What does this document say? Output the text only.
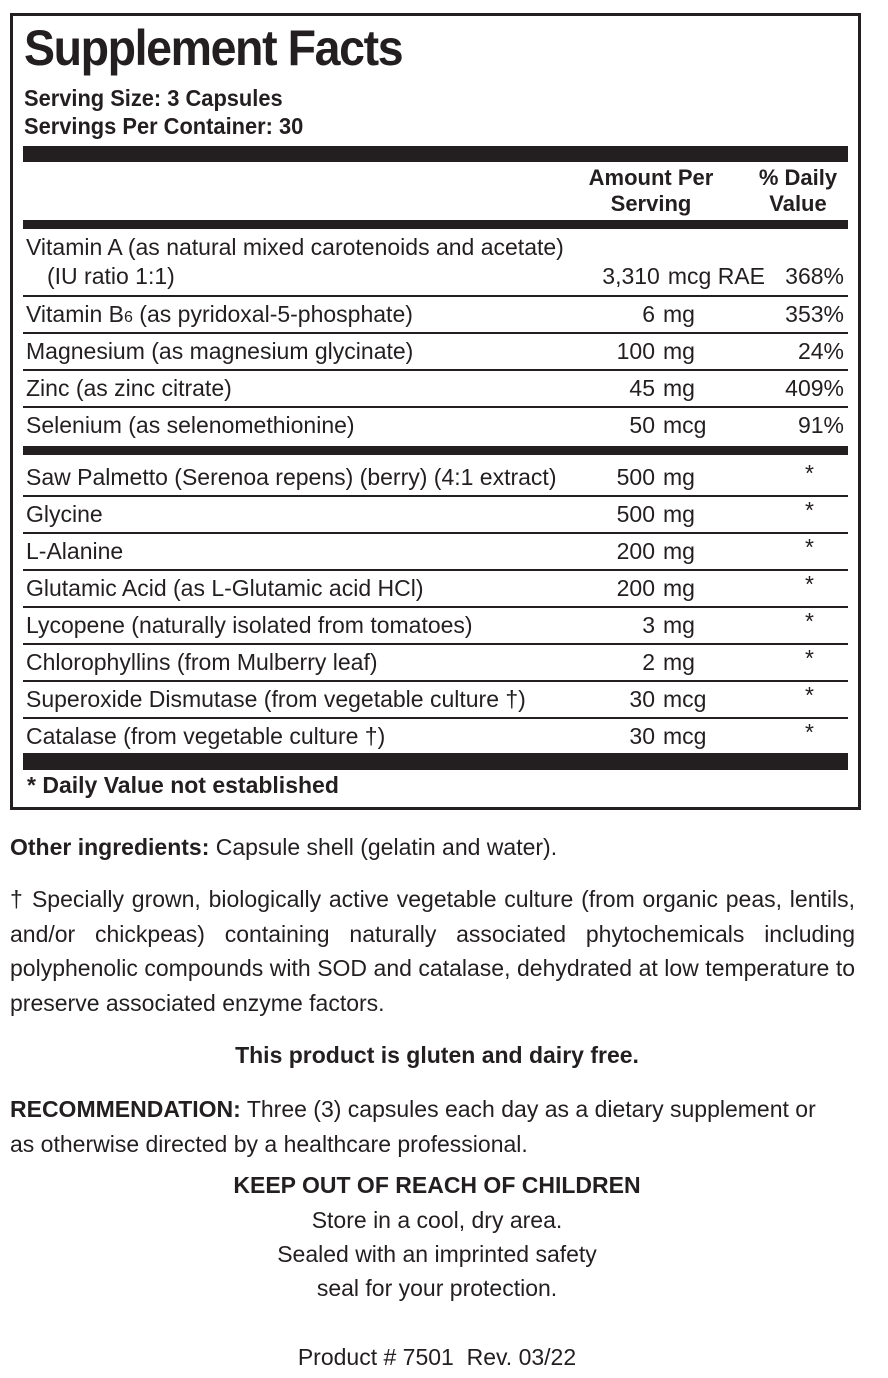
Supplement Facts
Serving Size: 3 Capsules
Servings Per Container: 30
Amount Per
Serving
% Daily
Value
Vitamin A (as natural mixed carotenoids and acetate)
(IU ratio 1:1)	3,310 mcg RAE 368%
Vitamin B6 (as pyridoxal-5-phosphate)	6 mg	353%
Magnesium (as magnesium glycinate)	100 mg	24%
Zinc (as zinc citrate)	45 mg	409%
Selenium (as selenomethionine)	50 mcg	91%
Saw Palmetto (Serenoa repens) (berry) (4:1 extract)	500 mg	*
Glycine	500 mg	*
L-Alanine	200 mg	*
Glutamic Acid (as L-Glutamic acid HCl)	200 mg	*
Lycopene (naturally isolated from tomatoes)	3 mg	*
Chlorophyllins (from Mulberry leaf)	2 mg	*
Superoxide Dismutase (from vegetable culture †)	30 mcg	*
Catalase (from vegetable culture †)	30 mcg	*
* Daily Value not established

Other ingredients: Capsule shell (gelatin and water).

† Specially grown, biologically active vegetable culture (from organic peas, lentils, and/or chickpeas) containing naturally associated phytochemicals including polyphenolic compounds with SOD and catalase, dehydrated at low temperature to preserve associated enzyme factors.

This product is gluten and dairy free.

RECOMMENDATION: Three (3) capsules each day as a dietary supplement or as otherwise directed by a healthcare professional.

KEEP OUT OF REACH OF CHILDREN

Store in a cool, dry area.

Sealed with an imprinted safety

seal for your protection.

Product # 7501  Rev. 03/22
